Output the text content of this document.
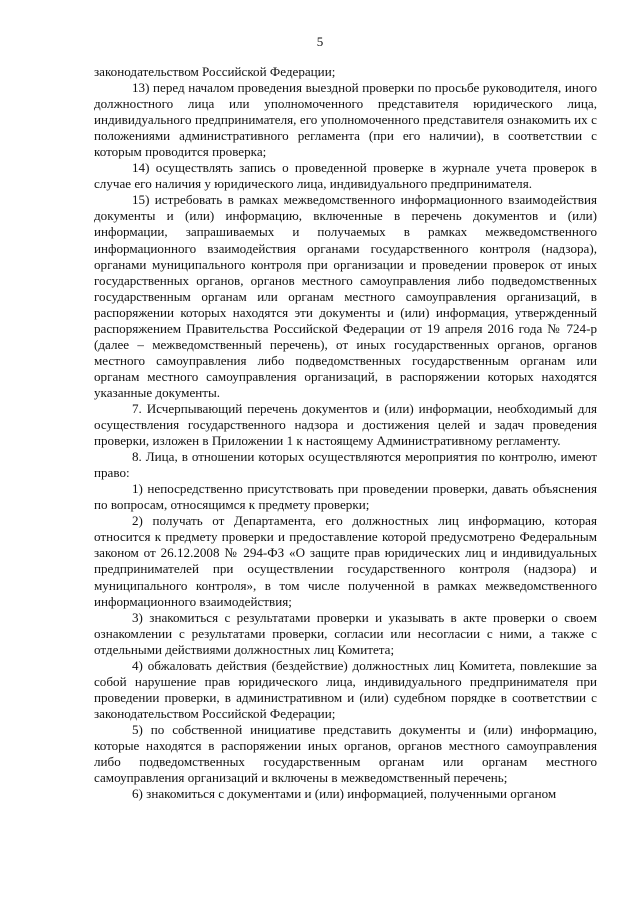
5

законодательством Российской Федерации;

13) перед началом проведения выездной проверки по просьбе руководителя, иного должностного лица или уполномоченного представителя юридического лица, индивидуального предпринимателя, его уполномоченного представителя ознакомить их с положениями административного регламента (при его наличии), в соответствии с которым проводится проверка;

14) осуществлять запись о проведенной проверке в журнале учета проверок в случае его наличия у юридического лица, индивидуального предпринимателя.

15) истребовать в рамках межведомственного информационного взаимодействия документы и (или) информацию, включенные в перечень документов и (или) информации, запрашиваемых и получаемых в рамках межведомственного информационного взаимодействия органами государственного контроля (надзора), органами муниципального контроля при организации и проведении проверок от иных государственных органов, органов местного самоуправления либо подведомственных государственным органам или органам местного самоуправления организаций, в распоряжении которых находятся эти документы и (или) информация, утвержденный распоряжением Правительства Российской Федерации от 19 апреля 2016 года № 724-р (далее – межведомственный перечень), от иных государственных органов, органов местного самоуправления либо подведомственных государственным органам или органам местного самоуправления организаций, в распоряжении которых находятся указанные документы.

7. Исчерпывающий перечень документов и (или) информации, необходимый для осуществления государственного надзора и достижения целей и задач проведения проверки, изложен в Приложении 1 к настоящему Административному регламенту.

8. Лица, в отношении которых осуществляются мероприятия по контролю, имеют право:

1) непосредственно присутствовать при проведении проверки, давать объяснения по вопросам, относящимся к предмету проверки;

2) получать от Департамента, его должностных лиц информацию, которая относится к предмету проверки и предоставление которой предусмотрено Федеральным законом от 26.12.2008 № 294-ФЗ «О защите прав юридических лиц и индивидуальных предпринимателей при осуществлении государственного контроля (надзора) и муниципального контроля», в том числе полученной в рамках межведомственного информационного взаимодействия;

3) знакомиться с результатами проверки и указывать в акте проверки о своем ознакомлении с результатами проверки, согласии или несогласии с ними, а также с отдельными действиями должностных лиц Комитета;

4) обжаловать действия (бездействие) должностных лиц Комитета, повлекшие за собой нарушение прав юридического лица, индивидуального предпринимателя при проведении проверки, в административном и (или) судебном порядке в соответствии с законодательством Российской Федерации;

5) по собственной инициативе представить документы и (или) информацию, которые находятся в распоряжении иных органов, органов местного самоуправления либо подведомственных государственным органам или органам местного самоуправления организаций и включены в межведомственный перечень;

6) знакомиться с документами и (или) информацией, полученными органом
